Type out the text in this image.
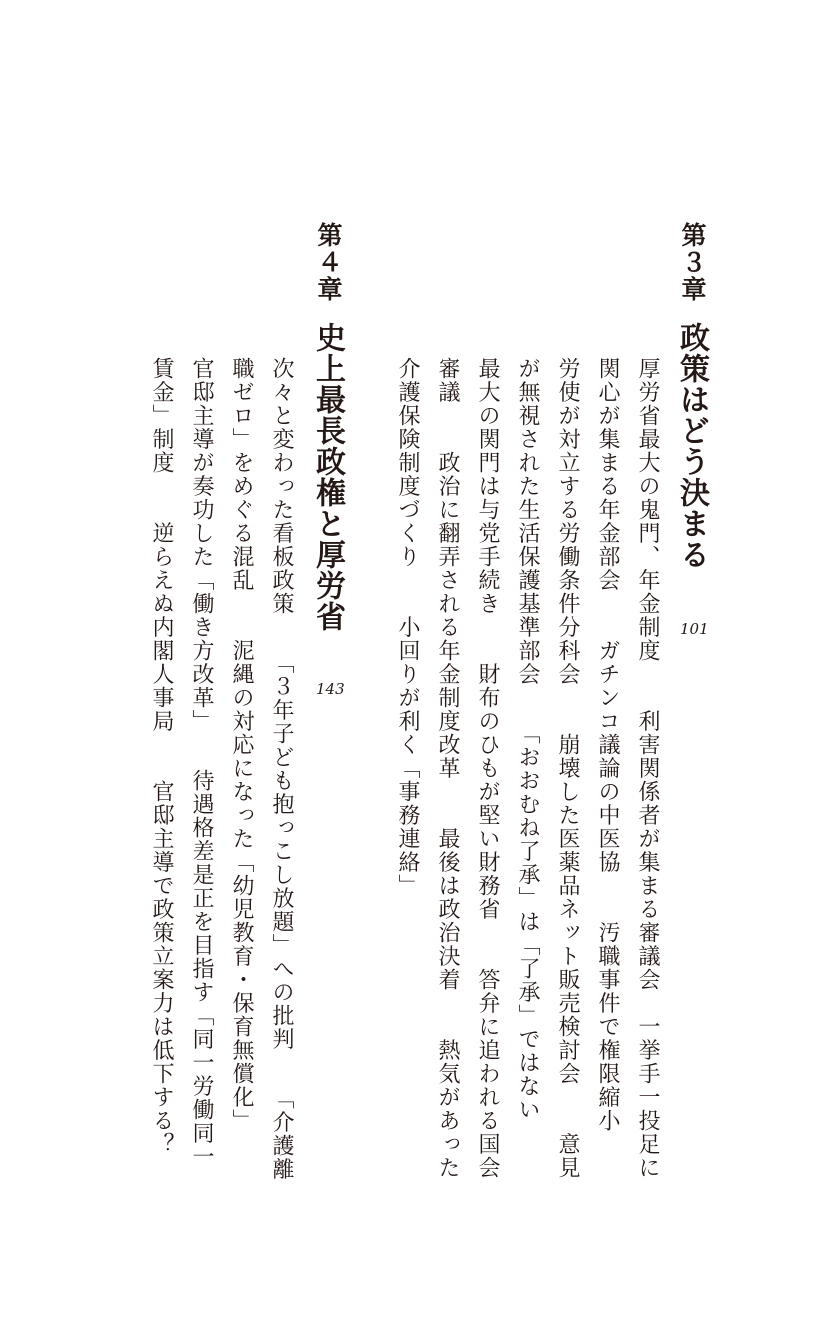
第３章
政策はどう決まる
101
厚労省最大の鬼門、年金制度　　利害関係者が集まる審議会　一挙手一投足に
関心が集まる年金部会　　ガチンコ議論の中医協　　汚職事件で権限縮小
労使が対立する労働条件分科会　　崩壊した医薬品ネット販売検討会　　意見
が無視された生活保護基準部会　　「おおむね了承」は「了承」ではない
最大の関門は与党手続き　　財布のひもが堅い財務省　　答弁に追われる国会
審議　　政治に翻弄される年金制度改革　　最後は政治決着　　熱気があった
介護保険制度づくり　　小回りが利く「事務連絡」
第４章
史上最長政権と厚労省
143
次々と変わった看板政策　　「３年子ども抱っこし放題」への批判　　「介護離
職ゼロ」をめぐる混乱　　泥縄の対応になった「幼児教育・保育無償化」
官邸主導が奏功した「働き方改革」　　待遇格差是正を目指す「同一労働同一
賃金」制度　　逆らえぬ内閣人事局　　官邸主導で政策立案力は低下する？
